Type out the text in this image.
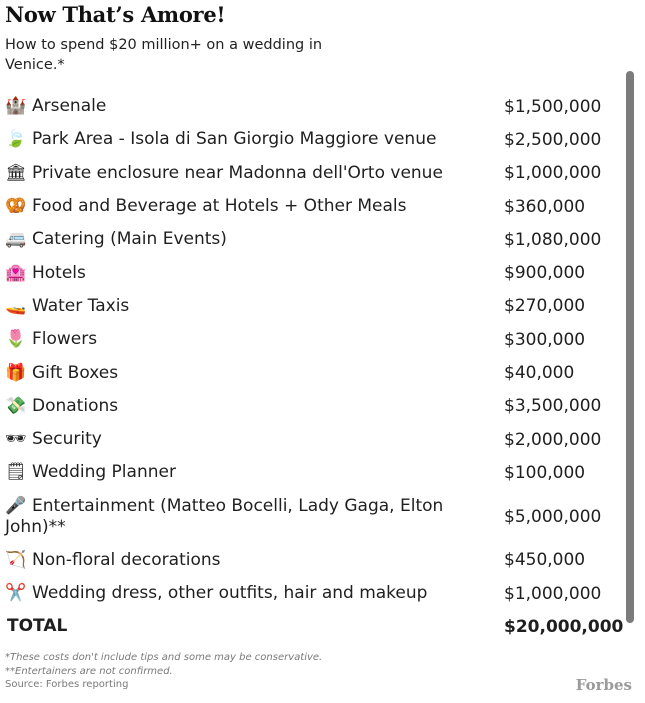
Now That’s Amore!
How to spend $20 million+ on a wedding in Venice.*
🏰 Arsenale	$1,500,000
🍃 Park Area - Isola di San Giorgio Maggiore venue	$2,500,000
🏛 Private enclosure near Madonna dell'Orto venue	$1,000,000
🥨 Food and Beverage at Hotels + Other Meals	$360,000
🚐 Catering (Main Events)	$1,080,000
🏩 Hotels	$900,000
🚤 Water Taxis	$270,000
🌷 Flowers	$300,000
🎁 Gift Boxes	$40,000
💸 Donations	$3,500,000
🕶 Security	$2,000,000
🗒 Wedding Planner	$100,000
🎤 Entertainment (Matteo Bocelli, Lady Gaga, Elton John)**	$5,000,000
🏹 Non-floral decorations	$450,000
✂️ Wedding dress, other outfits, hair and makeup	$1,000,000
TOTAL	$20,000,000
*These costs don't include tips and some may be conservative.
**Entertainers are not confirmed.
Source: Forbes reporting	Forbes
